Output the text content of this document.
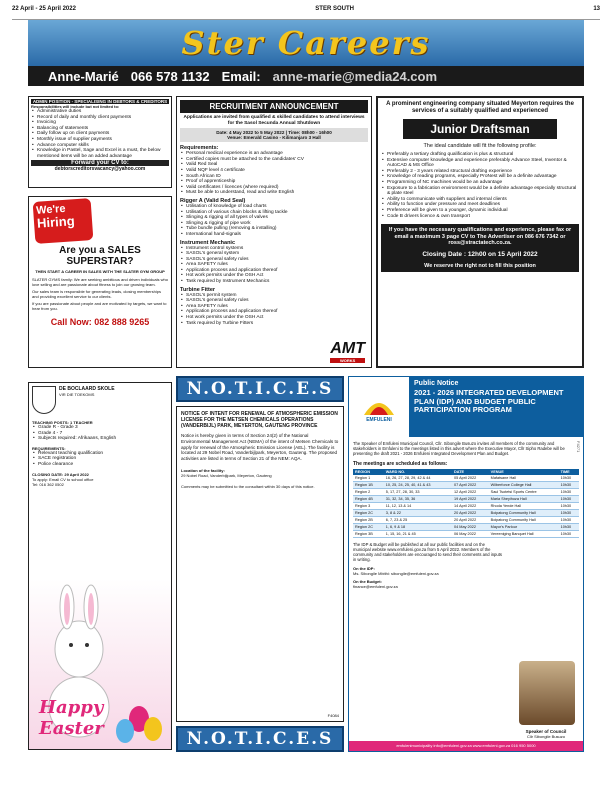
22 April - 25 April 2022	STER SOUTH	13
Ster Careers
Anne-Marié 066 578 1132 Email: anne-marie@media24.com
ADMIN POSITION - SPECIALISING IN DEBTORS & CREDITORS
Responsibilities will include but not limited to:
• Administrative duties
• Record of daily and monthly client payments
• Invoicing
• Balancing of statements
• Daily follow up on client payments
• Monthly issue of supplier payments
• Advance computer skills
• Knowledge in Pastel, Sage and Excel is a must, the below mentioned items will be an added advantage
Forward your CV to:
debtorscreditorsvacancy@yahoo.com
We're
Hiring
Are you a SALES SUPERSTAR?
THEN START A CAREER IN SALES WITH THE SLATER GYM GROUP
SLATER GYMS family: We are seeking ambitious and driven individuals who love selling and are passionate about fitness to join our growing team.
Our sales team is responsible for generating leads, closing memberships and providing excellent service to our clients.
If you are passionate about people and are motivated by targets, we want to hear from you.
Call Now: 082 888 9265
RECRUITMENT ANNOUNCEMENT
Applications are invited from qualified & skilled candidates to attend interviews for the Sasol Secunda Annual Shutdown
Date: 4 May 2022 to 5 May 2022 | Time: 08h00 - 16h00
Venue: Emerald Casino - Kilimanjaro 3 Hall
Requirements:
• Personal medical experience is an advantage
• Certified copies must be attached to the candidates' CV
• Valid Red Seal
• Valid NQF level 4 certificate
• South African ID
• Proof of apprenticeship
• Valid certificates / licences (where required)
• Must be able to understand, read and write English
Rigger A (Valid Red Seal)
• Utilisation of knowledge of load charts
• Utilisation of various chain blocks & lifting tackle
• Slinging & rigging of all types of valves
• Slinging & rigging of pipe work
• Tube bundle pulling (removing & installing)
• International hand-signals
Instrument Mechanic
• Instrument control systems
• SASOL's general system
• SASOL's general safety rules
• Area SAFETY rules
• Application process and application thereof
• Hot work permits under the OSH Act
• Task required by Instrument Mechanics
Turbine Fitter
• SASOL's permit system
• SASOL's general safety rules
• Area SAFETY rules
• Application process and application thereof
• Hot work permits under the OSH Act
• Task required by Turbine Fitters
AMT
WORKS
A prominent engineering company situated Meyerton requires the services of a suitably qualified and experienced
Junior Draftsman
The ideal candidate will fit the following profile:
• Preferably a tertiary drafting qualification is plus & structural
• Extensive computer knowledge and experience preferably Advance Steel, Inventor & AutoCAD & MS Office
• Preferably 2 - 3 years related structural drafting experience
• Knowledge of reading programs, especially ProNest will be a definite advantage
• Programming of NC machines would be an advantage
• Exposure to a fabrication environment would be a definite advantage especially structural & plate steel
• Ability to communicate with suppliers and internal clients
• Ability to function under pressure and meet deadlines
• Preference will be given to a younger, dynamic individual
• Code B drivers licence & own transport
If you have the necessary qualifications and experience, please fax or email a maximum 3 page CV to The Advertiser on 086 676 7342 or ross@stractatech.co.za.
Closing Date : 12h00 on 15 April 2022
We reserve the right not to fill this position
DE BOCLAARD SKOLE
VIR DIE TOEKOMS
TEACHING POSTS: 1 TEACHER
• Grade R - Grade 3
• Grade 4 - 7
• Subjects required: Afrikaans, English
REQUIREMENTS:
• Relevant teaching qualification
• SACE registration
• Police clearance
CLOSING DATE: 29 April 2022
To apply: Email CV to school office
Tel: 016 362 0502
Happy Easter
N.O.T.I.C.E.S
NOTICE OF INTENT FOR RENEWAL OF ATMOSPHERIC EMISSION LICENSE FOR THE METSEN CHEMICALS OPERATIONS (VANDERBIJL) PARK, MEYERTON, GAUTENG PROVINCE
Notice is hereby given in terms of Section 24(2) of the National Environmental Management Act (NEMA) of the intent of Metsen Chemicals to apply for renewal of the Atmospheric Emission License (AEL). The facility is located at 29 Nobel Road, Vanderbijlpark, Meyerton, Gauteng. The proposed activities are listed in terms of Section 21 of the NEM: AQA.
Location of the facility:
29 Nobel Road, Vanderbijlpark, Meyerton, Gauteng
Comments may be submitted to the consultant within 30 days of this notice.
F4084
N.O.T.I.C.E.S
EMFULENI
Public Notice
2021 - 2026 INTEGRATED DEVELOPMENT PLAN (IDP) AND BUDGET PUBLIC PARTICIPATION PROGRAM
The Speaker of Emfuleni Municipal Council, Cllr. Sibongile Busuzo invites all members of the community and stakeholders in Emfuleni to the meetings listed in this advert where the Executive Mayor, Cllr Sipho Radebe will be presenting the draft 2021 - 2026 Emfuleni Integrated Development Plan and Budget.
The meetings are scheduled as follows:
REGION	WARD NO.	DATE	VENUE	TIME
Region 1	16, 26, 27, 28, 29, 42 & 44	05 April 2022	Mafatsane Hall	10h30
Region 1B	10, 25, 24, 25, 40, 41 & 43	07 April 2022	Wilberforce College Hall	10h30
Region 2	5, 17, 27, 28, 30, 33	12 April 2022	Saul Tsotetsi Sports Centre	10h30
Region 4B	31, 32, 34, 35, 36	19 April 2022	Maria Sheyihoza Hall	10h30
Region 3	11, 12, 13 & 14	14 April 2022	Rhoda Yende Hall	10h30
Region 2C	3, 8 & 22	20 April 2022	Boipatong Community Hall	10h30
Region 2B	6, 7, 23 & 25	20 April 2022	Boipatong Community Hall	10h30
Region 2C	1, 6, 9 & 18	04 May 2022	Mayor's Parlour	10h30
Region 3B	1, 15, 16, 21 & 45	06 May 2022	Vereeniging Banquet Hall	10h30
The IDP & Budget will be published at all our public facilities and on the municipal website www.emfuleni.gov.za from 5 April 2022. Members of the community and stakeholders are encouraged to send their comments and inputs in writing.
On the IDP:
Ms. Sibongile Mbithi: sibongile@emfuleni.gov.za
On the Budget:
finance@emfuleni.gov.za
Speaker of Council
Cllr Sibongile Busuzo
emfulenimunicipality info@emfuleni.gov.za www.emfuleni.gov.za 016 950 5000
F4271
